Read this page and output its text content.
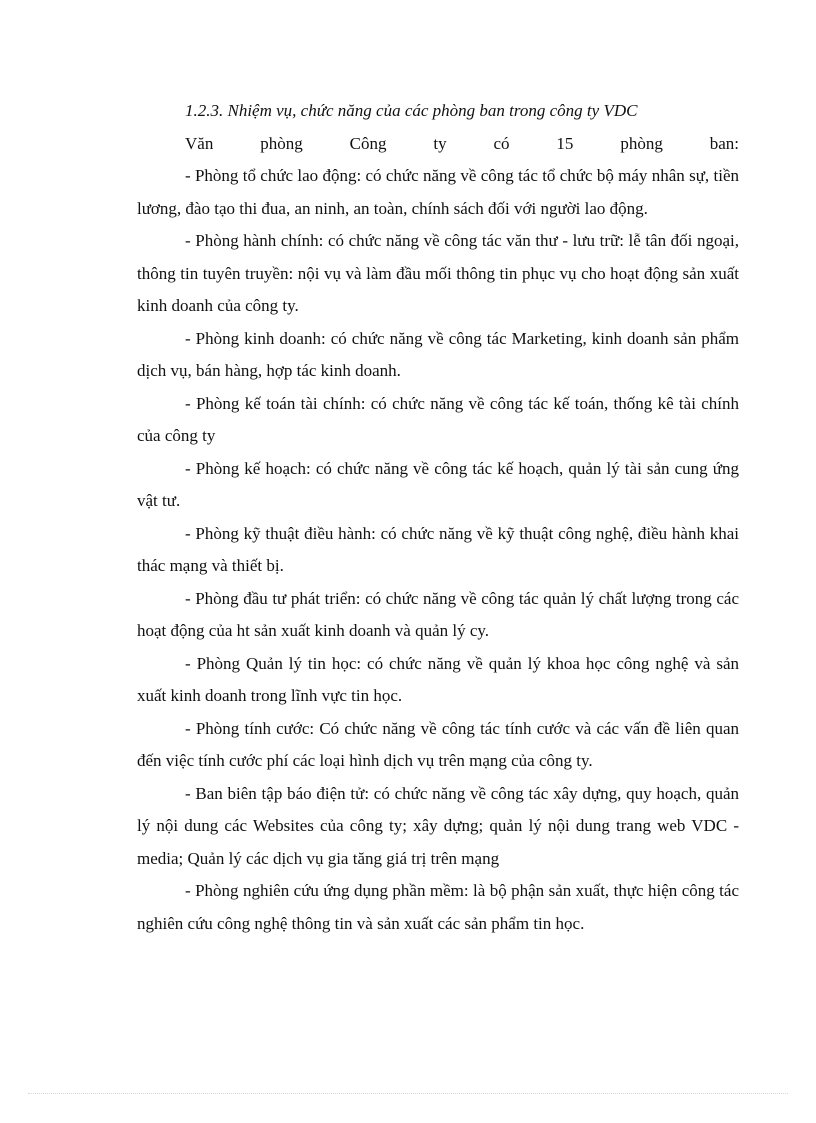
1.2.3. Nhiệm vụ, chức năng của các phòng ban trong công ty VDC

Văn phòng Công ty có 15 phòng ban:

- Phòng tổ chức lao động: có chức năng về công tác tổ chức bộ máy nhân sự, tiền lương, đào tạo thi đua, an ninh, an toàn, chính sách đối với người lao động.

- Phòng hành chính: có chức năng về công tác văn thư - lưu trữ: lễ tân đối ngoại, thông tin tuyên truyền: nội vụ và làm đầu mối thông tin phục vụ cho hoạt động sản xuất kinh doanh của công ty.

- Phòng kinh doanh: có chức năng về công tác Marketing, kinh doanh sản phẩm dịch vụ, bán hàng, hợp tác kinh doanh.

- Phòng kế toán tài chính: có chức năng về công tác kế toán, thống kê tài chính của công ty

- Phòng kế hoạch: có chức năng về công tác kế hoạch, quản lý tài sản cung ứng vật tư.

- Phòng kỹ thuật điều hành: có chức năng về kỹ thuật công nghệ, điều hành khai thác mạng và thiết bị.

- Phòng đầu tư phát triển: có chức năng về công tác quản lý chất lượng trong các hoạt động của ht sản xuất kinh doanh và quản lý cy.

- Phòng Quản lý tin học: có chức năng về quản lý khoa học công nghệ và sản xuất kinh doanh trong lĩnh vực tin học.

- Phòng tính cước: Có chức năng về công tác tính cước và các vấn đề liên quan đến việc tính cước phí các loại hình dịch vụ trên mạng của công ty.

- Ban biên tập báo điện tử: có chức năng về công tác xây dựng, quy hoạch, quản lý nội dung các Websites của công ty; xây dựng; quản lý nội dung trang web VDC - media; Quản lý các dịch vụ gia tăng giá trị trên mạng

- Phòng nghiên cứu ứng dụng phần mềm: là bộ phận sản xuất, thực hiện công tác nghiên cứu công nghệ thông tin và sản xuất các sản phẩm tin học.
